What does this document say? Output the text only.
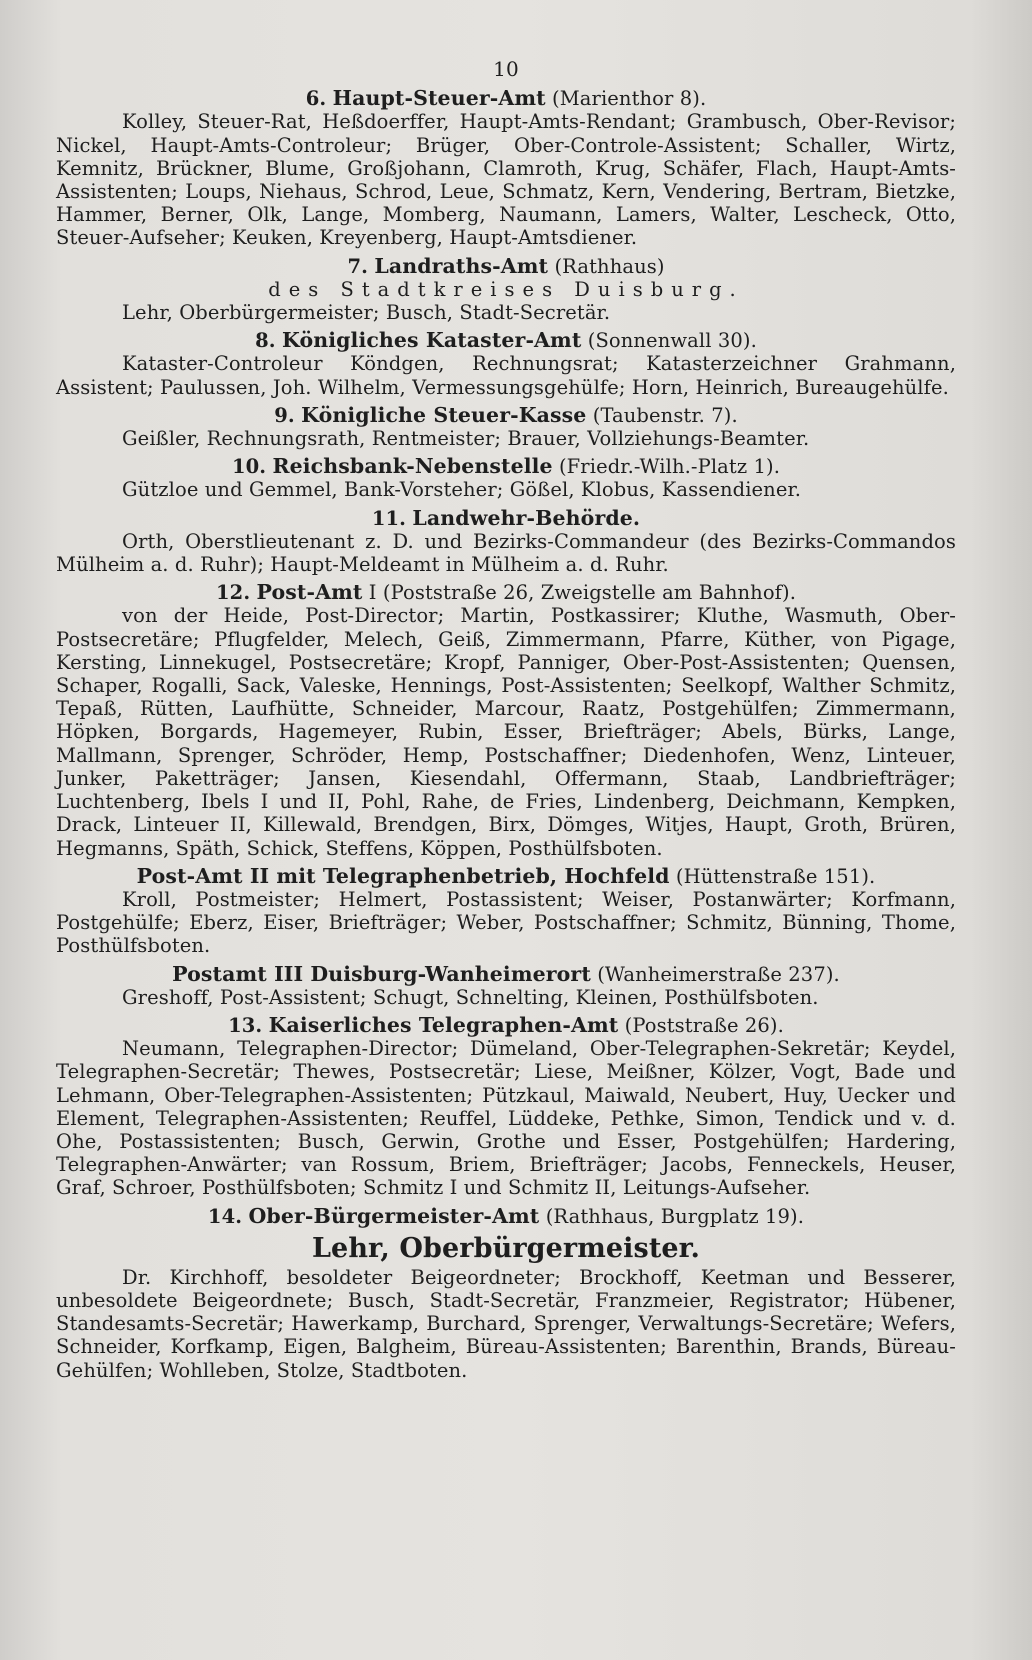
10
6. Haupt-Steuer-Amt (Marienthor 8).
Kolley, Steuer-Rat, Heßdoerffer, Haupt-Amts-Rendant; Grambusch, Ober-Revisor; Nickel, Haupt-Amts-Controleur; Brüger, Ober-Controle-Assistent; Schaller, Wirtz, Kemnitz, Brückner, Blume, Großjohann, Clamroth, Krug, Schäfer, Flach, Haupt-Amts-Assistenten; Loups, Niehaus, Schrod, Leue, Schmatz, Kern, Vendering, Bertram, Bietzke, Hammer, Berner, Olk, Lange, Momberg, Naumann, Lamers, Walter, Lescheck, Otto, Steuer-Aufseher; Keuken, Kreyenberg, Haupt-Amtsdiener.
7. Landraths-Amt (Rathhaus)
des Stadtkreises Duisburg.
Lehr, Oberbürgermeister; Busch, Stadt-Secretär.
8. Königliches Kataster-Amt (Sonnenwall 30).
Kataster-Controleur Köndgen, Rechnungsrat; Katasterzeichner Grahmann, Assistent; Paulussen, Joh. Wilhelm, Vermessungsgehülfe; Horn, Heinrich, Bureaugehülfe.
9. Königliche Steuer-Kasse (Taubenstr. 7).
Geißler, Rechnungsrath, Rentmeister; Brauer, Vollziehungs-Beamter.
10. Reichsbank-Nebenstelle (Friedr.-Wilh.-Platz 1).
Gützloe und Gemmel, Bank-Vorsteher; Gößel, Klobus, Kassendiener.
11. Landwehr-Behörde.
Orth, Oberstlieutenant z. D. und Bezirks-Commandeur (des Bezirks-Commandos Mülheim a. d. Ruhr); Haupt-Meldeamt in Mülheim a. d. Ruhr.
12. Post-Amt I (Poststraße 26, Zweigstelle am Bahnhof).
von der Heide, Post-Director; Martin, Postkassirer; Kluthe, Wasmuth, Ober-Postsecretäre; Pflugfelder, Melech, Geiß, Zimmermann, Pfarre, Küther, von Pigage, Kersting, Linnekugel, Postsecretäre; Kropf, Panniger, Ober-Post-Assistenten; Quensen, Schaper, Rogalli, Sack, Valeske, Hennings, Post-Assistenten; Seelkopf, Walther Schmitz, Tepaß, Rütten, Laufhütte, Schneider, Marcour, Raatz, Postgehülfen; Zimmermann, Höpken, Borgards, Hagemeyer, Rubin, Esser, Briefträger; Abels, Bürks, Lange, Mallmann, Sprenger, Schröder, Hemp, Postschaffner; Diedenhofen, Wenz, Linteuer, Junker, Paketträger; Jansen, Kiesendahl, Offermann, Staab, Landbriefträger; Luchtenberg, Ibels I und II, Pohl, Rahe, de Fries, Lindenberg, Deichmann, Kempken, Drack, Linteuer II, Killewald, Brendgen, Birx, Dömges, Witjes, Haupt, Groth, Brüren, Hegmanns, Späth, Schick, Steffens, Köppen, Posthülfsboten.
Post-Amt II mit Telegraphenbetrieb, Hochfeld (Hüttenstraße 151).
Kroll, Postmeister; Helmert, Postassistent; Weiser, Postanwärter; Korfmann, Postgehülfe; Eberz, Eiser, Briefträger; Weber, Postschaffner; Schmitz, Bünning, Thome, Posthülfsboten.
Postamt III Duisburg-Wanheimerort (Wanheimerstraße 237).
Greshoff, Post-Assistent; Schugt, Schnelting, Kleinen, Posthülfsboten.
13. Kaiserliches Telegraphen-Amt (Poststraße 26).
Neumann, Telegraphen-Director; Dümeland, Ober-Telegraphen-Sekretär; Keydel, Telegraphen-Secretär; Thewes, Postsecretär; Liese, Meißner, Kölzer, Vogt, Bade und Lehmann, Ober-Telegraphen-Assistenten; Pützkaul, Maiwald, Neubert, Huy, Uecker und Element, Telegraphen-Assistenten; Reuffel, Lüddeke, Pethke, Simon, Tendick und v. d. Ohe, Postassistenten; Busch, Gerwin, Grothe und Esser, Postgehülfen; Hardering, Telegraphen-Anwärter; van Rossum, Briem, Briefträger; Jacobs, Fenneckels, Heuser, Graf, Schroer, Posthülfsboten; Schmitz I und Schmitz II, Leitungs-Aufseher.
14. Ober-Bürgermeister-Amt (Rathhaus, Burgplatz 19).
Lehr, Oberbürgermeister.
Dr. Kirchhoff, besoldeter Beigeordneter; Brockhoff, Keetman und Besserer, unbesoldete Beigeordnete; Busch, Stadt-Secretär, Franzmeier, Registrator; Hübener, Standesamts-Secretär; Hawerkamp, Burchard, Sprenger, Verwaltungs-Secretäre; Wefers, Schneider, Korfkamp, Eigen, Balgheim, Büreau-Assistenten; Barenthin, Brands, Büreau-Gehülfen; Wohlleben, Stolze, Stadtboten.
